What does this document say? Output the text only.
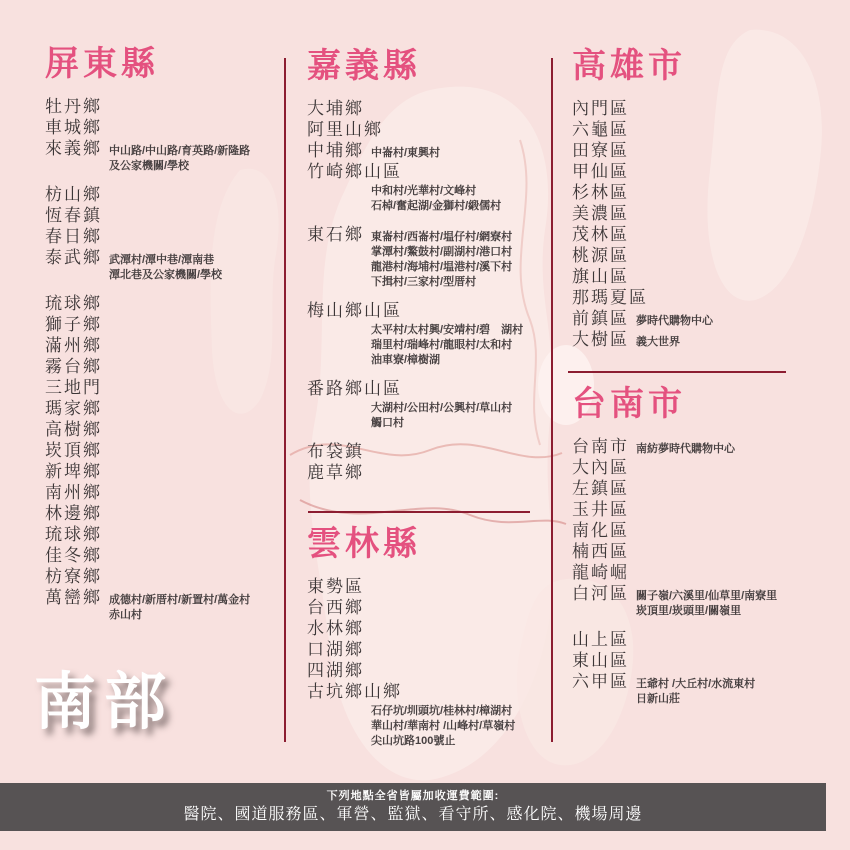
屏東縣
牡丹鄉
車城鄉
來義鄉 中山路/中山路/育英路/新隆路
及公家機關/學校
枋山鄉
恆春鎮
春日鄉
泰武鄉 武潭村/潭中巷/潭南巷
潭北巷及公家機關/學校
琉球鄉
獅子鄉
滿州鄉
霧台鄉
三地門
瑪家鄉
高樹鄉
崁頂鄉
新埤鄉
南州鄉
林邊鄉
琉球鄉
佳冬鄉
枋寮鄉
萬巒鄉 成德村/新厝村/新置村/萬金村
赤山村
嘉義縣
大埔鄉
阿里山鄉
中埔鄉 中崙村/東興村
竹崎鄉山區
中和村/光華村/文峰村
石棹/奮起湖/金獅村/緞儒村
東石鄉 東崙村/西崙村/塭仔村/網寮村
掌潭村/鰲鼓村/副湖村/港口村
龍港村/海埔村/塭港村/溪下村
下揖村/三家村/型厝村
梅山鄉山區
太平村/太村興/安靖村/碧　湖村
瑞里村/瑞峰村/龍眼村/太和村
油車寮/樟樹湖
番路鄉山區
大湖村/公田村/公興村/草山村
觸口村
布袋鎮
鹿草鄉
雲林縣
東勢區
台西鄉
水林鄉
口湖鄉
四湖鄉
古坑鄉山鄉
石仔坑/圳頭坑/桂林村/樟湖村
華山村/華南村 /山峰村/草嶺村
尖山坑路100號止
高雄市
內門區
六龜區
田寮區
甲仙區
杉林區
美濃區
茂林區
桃源區
旗山區
那瑪夏區
前鎮區 夢時代購物中心
大樹區 義大世界
台南市
台南市 南紡夢時代購物中心
大內區
左鎮區
玉井區
南化區
楠西區
龍崎崛
白河區 關子嶺/六溪里/仙草里/南寮里
崁頂里/崁頭里/關嶺里
山上區
東山區
六甲區 王爺村 /大丘村/水流東村
日新山莊
南部
下列地點全省皆屬加收運費範圍:
醫院、國道服務區、軍營、監獄、看守所、感化院、機場周邊
